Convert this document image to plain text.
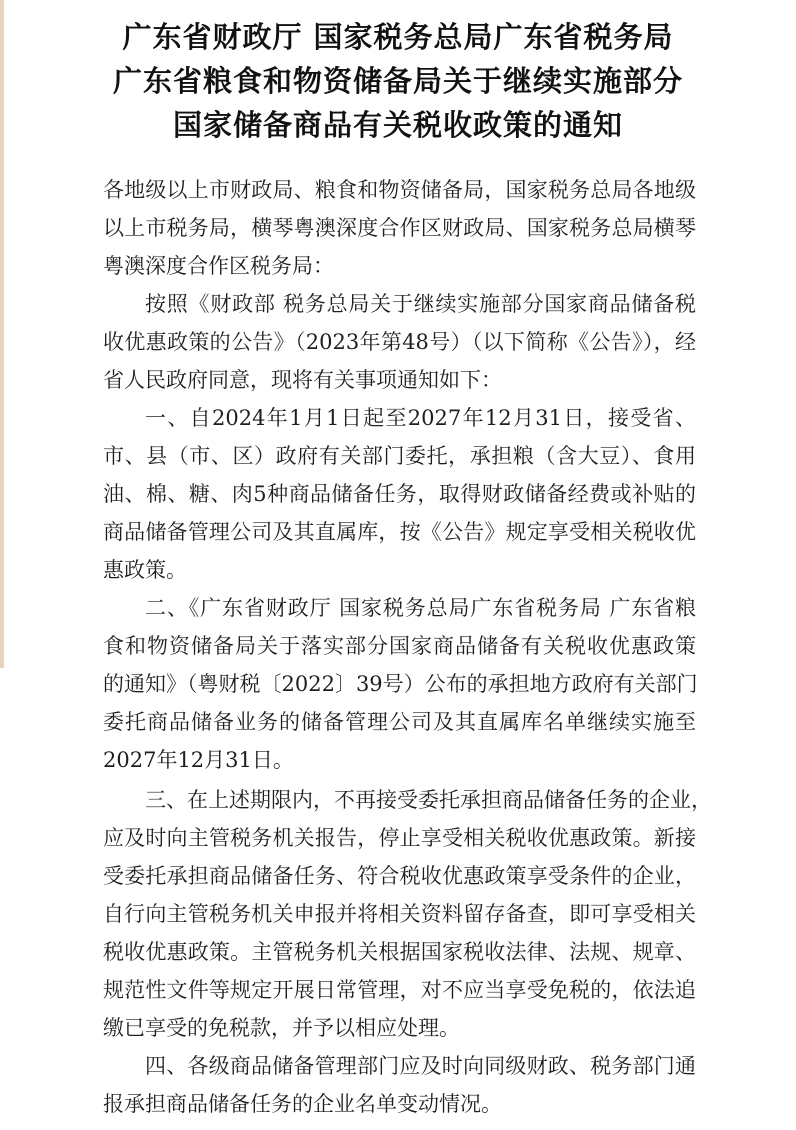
广东省财政厅 国家税务总局广东省税务局
广东省粮食和物资储备局关于继续实施部分
国家储备商品有关税收政策的通知
各地级以上市财政局、粮食和物资储备局，国家税务总局各地级
以上市税务局，横琴粤澳深度合作区财政局、国家税务总局横琴
粤澳深度合作区税务局：
按照《财政部 税务总局关于继续实施部分国家商品储备税
收优惠政策的公告》（2023年第48号）（以下简称《公告》），经
省人民政府同意，现将有关事项通知如下：
一、自2024年1月1日起至2027年12月31日，接受省、
市、县（市、区）政府有关部门委托，承担粮（含大豆）、食用
油、棉、糖、肉5种商品储备任务，取得财政储备经费或补贴的
商品储备管理公司及其直属库，按《公告》规定享受相关税收优
惠政策。
二、《广东省财政厅 国家税务总局广东省税务局 广东省粮
食和物资储备局关于落实部分国家商品储备有关税收优惠政策
的通知》（粤财税〔2022〕39号）公布的承担地方政府有关部门
委托商品储备业务的储备管理公司及其直属库名单继续实施至
2027年12月31日。
三、在上述期限内，不再接受委托承担商品储备任务的企业，
应及时向主管税务机关报告，停止享受相关税收优惠政策。新接
受委托承担商品储备任务、符合税收优惠政策享受条件的企业，
自行向主管税务机关申报并将相关资料留存备查，即可享受相关
税收优惠政策。主管税务机关根据国家税收法律、法规、规章、
规范性文件等规定开展日常管理，对不应当享受免税的，依法追
缴已享受的免税款，并予以相应处理。
四、各级商品储备管理部门应及时向同级财政、税务部门通
报承担商品储备任务的企业名单变动情况。
